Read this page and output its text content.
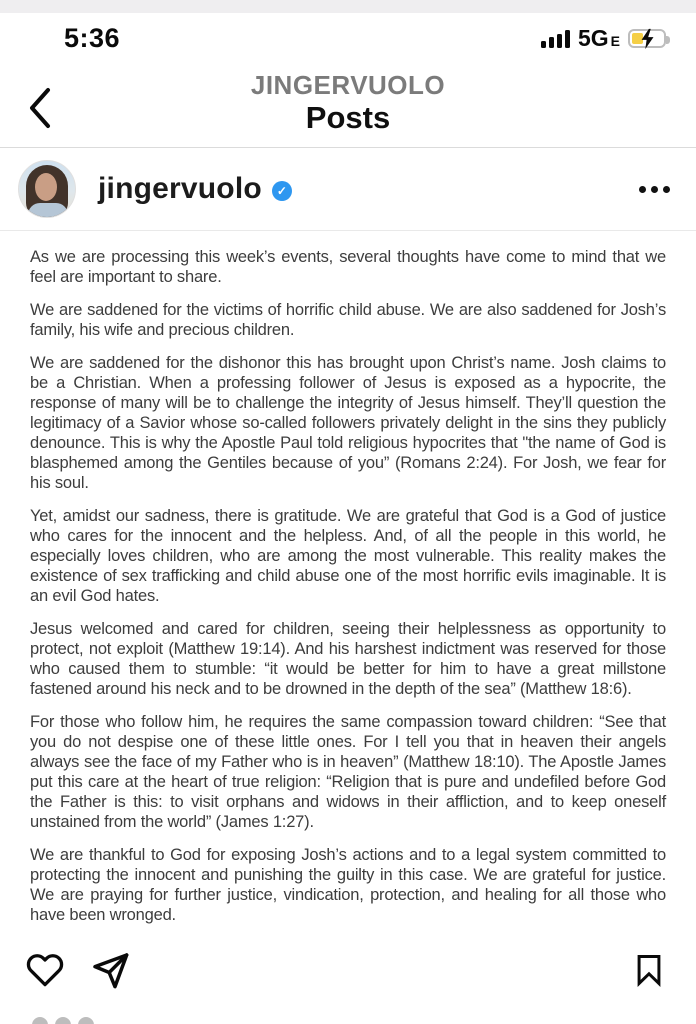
5:36	5G E
JINGERVUOLO
Posts
jingervuolo	✓

As we are processing this week’s events, several thoughts have come to mind that we feel are important to share.

We are saddened for the victims of horrific child abuse. We are also saddened for Josh’s family, his wife and precious children.

We are saddened for the dishonor this has brought upon Christ’s name. Josh claims to be a Christian. When a professing follower of Jesus is exposed as a hypocrite, the response of many will be to challenge the integrity of Jesus himself. They’ll question the legitimacy of a Savior whose so-called followers privately delight in the sins they publicly denounce. This is why the Apostle Paul told religious hypocrites that "the name of God is blasphemed among the Gentiles because of you” (Romans 2:24). For Josh, we fear for his soul.

Yet, amidst our sadness, there is gratitude. We are grateful that God is a God of justice who cares for the innocent and the helpless. And, of all the people in this world, he especially loves children, who are among the most vulnerable. This reality makes the existence of sex trafficking and child abuse one of the most horrific evils imaginable. It is an evil God hates.

Jesus welcomed and cared for children, seeing their helplessness as opportunity to protect, not exploit (Matthew 19:14). And his harshest indictment was reserved for those who caused them to stumble: “it would be better for him to have a great millstone fastened around his neck and to be drowned in the depth of the sea” (Matthew 18:6).

For those who follow him, he requires the same compassion toward children: “See that you do not despise one of these little ones. For I tell you that in heaven their angels always see the face of my Father who is in heaven” (Matthew 18:10). The Apostle James put this care at the heart of true religion: “Religion that is pure and undefiled before God the Father is this: to visit orphans and widows in their affliction, and to keep oneself unstained from the world” (James 1:27).

We are thankful to God for exposing Josh’s actions and to a legal system committed to protecting the innocent and punishing the guilty in this case. We are grateful for justice. We are praying for further justice, vindication, protection, and healing for all those who have been wronged.
